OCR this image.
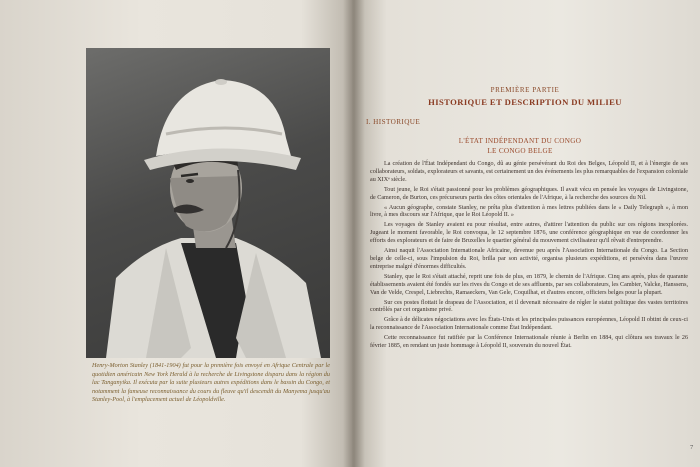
Henry-Morton Stanley (1841-1904) fut pour la première fois envoyé en Afrique Centrale par le quotidien américain New York Herald à la recherche de Livingstone disparu dans la région du lac Tanganyika. Il exécuta par la suite plusieurs autres expéditions dans le bassin du Congo, et notamment la fameuse reconnaissance du cours du fleuve qu'il descendit du Manyema jusqu'au Stanley-Pool, à l'emplacement actuel de Léopoldville.
PREMIÈRE PARTIE
HISTORIQUE ET DESCRIPTION DU MILIEU
I. HISTORIQUE
L'ÉTAT INDÉPENDANT DU CONGO
LE CONGO BELGE

La création de l'État Indépendant du Congo, dû au génie persévérant du Roi des Belges, Léopold II, et à l'énergie de ses collaborateurs, soldats, explorateurs et savants, est certainement un des événements les plus remarquables de l'expansion coloniale au XIXᵉ siècle.

Tout jeune, le Roi s'était passionné pour les problèmes géographiques. Il avait vécu en pensée les voyages de Livingstone, de Cameron, de Burton, ces précurseurs partis des côtes orientales de l'Afrique, à la recherche des sources du Nil.

« Aucun géographe, constate Stanley, ne prêta plus d'attention à mes lettres publiées dans le « Daily Telegraph », à mon livre, à mes discours sur l'Afrique, que le Roi Léopold II. »

Les voyages de Stanley avaient eu pour résultat, entre autres, d'attirer l'attention du public sur ces régions inexplorées. Jugeant le moment favorable, le Roi convoqua, le 12 septembre 1876, une conférence géographique en vue de coordonner les efforts des explorateurs et de faire de Bruxelles le quartier général du mouvement civilisateur qu'il rêvait d'entreprendre.

Ainsi naquit l'Association Internationale Africaine, devenue peu après l'Association Internationale du Congo. La Section belge de celle-ci, sous l'impulsion du Roi, brilla par son activité, organisa plusieurs expéditions, et persévéra dans l'œuvre entreprise malgré d'énormes difficultés.

Stanley, que le Roi s'était attaché, reprit une fois de plus, en 1879, le chemin de l'Afrique. Cinq ans après, plus de quarante établissements avaient été fondés sur les rives du Congo et de ses affluents, par ses collaborateurs, les Cambier, Valcke, Hanssens, Van de Velde, Crespel, Liebrechts, Ramaeckers, Van Gele, Coquilhat, et d'autres encore, officiers belges pour la plupart.

Sur ces postes flottait le drapeau de l'Association, et il devenait nécessaire de régler le statut politique des vastes territoires contrôlés par cet organisme privé.

Grâce à de délicates négociations avec les États-Unis et les principales puissances européennes, Léopold II obtint de ceux-ci la reconnaissance de l'Association Internationale comme État Indépendant.

Cette reconnaissance fut ratifiée par la Conférence Internationale réunie à Berlin en 1884, qui clôtura ses travaux le 26 février 1885, en rendant un juste hommage à Léopold II, souverain du nouvel État.

7
